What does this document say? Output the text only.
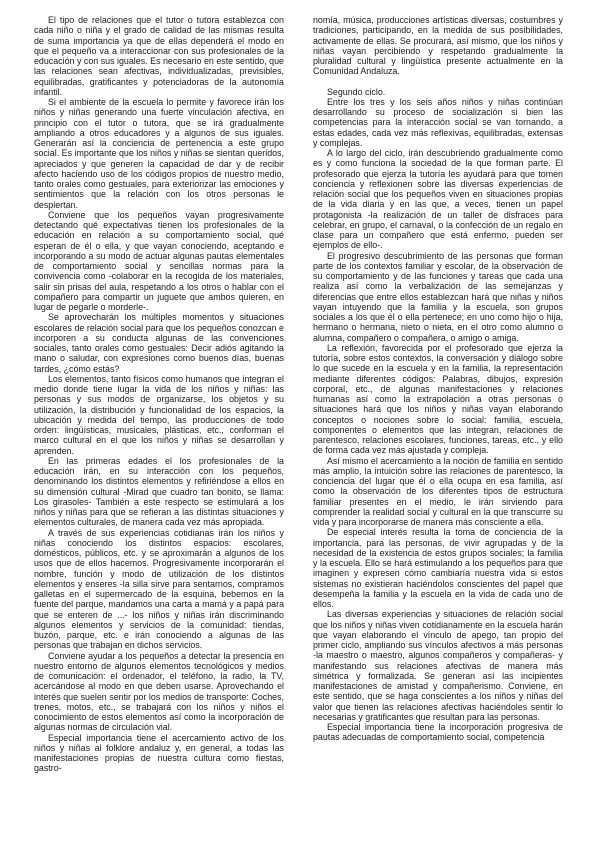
El tipo de relaciones que el tutor o tutora establezca con cada niño o niña y el grado de calidad de las mismas resulta de suma importancia ya que de ellas dependerá el modo en que el pequeño va a interaccionar con sus profesionales de la educación y con sus iguales. Es necesario en este sentido, que las relaciones sean afectivas, individualizadas, previsibles, equilibradas, gratificantes y potenciadoras de la autonomía infantil.

Si el ambiente de la escuela lo permite y favorece irán los niños y niñas generando una fuerte vinculación afectiva, en principio con el tutor o tutora, que se irá gradualmente ampliando a otros educadores y a algunos de sus iguales. Generarán así la conciencia de pertenencia a este grupo social. Es importante que los niños y niñas se sientan queridos, apreciados y que generen la capacidad de dar y de recibir afecto haciendo uso de los códigos propios de nuestro medio, tanto orales como gestuales, para exteriorizar las emociones y sentimientos que la relación con los otros personas le despiertan.

Conviene que los pequeños vayan progresivamente detectando qué expectativas tienen los profesionales de la educación en relación a su comportamiento social, qué esperan de él o ella, y que vayan conociendo, aceptando e incorporando a su modo de actuar algunas pautas elementales de comportamiento social y sencillas normas para la convivencia como -colaborar en la recogida de los materiales, salir sin prisas del aula, respetando a los otros o hablar con el compañero para compartir un juguete que ambos quieren, en lugar de pegarle o morderle-.

Se aprovecharán los múltiples momentos y situaciones escolares de relación social para que los pequeños conozcan e incorporen a su conducta algunas de las convenciones sociales, tanto orales como gestuales: Decir adiós agitando la mano o saludar, con expresiones como buenos días, buenas tardes, ¿cómo estás?

Los elementos, tanto físicos como humanos que integran el medio donde tiene lugar la vida de los niños y niñas: las personas y sus modos de organizarse, los objetos y su utilización, la distribución y funcionalidad de los espacios, la ubicación y medida del tiempo, las producciones de todo orden: lingüísticas, musicales, plásticas, etc., conforman el marco cultural en el que los niños y niñas se desarrollan y aprenden.

En las primeras edades el los profesionales de la educación irán, en su interacción con los pequeños, denominando los distintos elementos y refiriéndose a ellos en su dimensión cultural -Mirad que cuadro tan bonito, se llama: Los girasoles- También a este respecto se estimulará a los niños y niñas para que se refieran a las distintas situaciones y elementos culturales, de manera cada vez más apropiada.

A través de sus experiencias cotidianas irán los niños y niñas conociendo los distintos espacios: escolares, domésticos, públicos, etc. y se aproximarán a algunos de los usos que de ellos hacemos. Progresivamente incorporarán el nombre, función y modo de utilización de los distintos elementos y enseres -la silla sirve para sentarnos, compramos galletas en el supermercado de la esquina, bebemos en la fuente del parque, mandamos una carta a mamá y a papá para que se enteren de ...- los niños y niñas irán discriminando algunos elementos y servicios de la comunidad: tiendas, buzón, parque, etc. e irán conociendo a algunas de las personas que trabajan en dichos servicios.

Conviene ayudar a los pequeños a detectar la presencia en nuestro entorno de algunos elementos tecnológicos y medios de comunicación: el ordenador, el teléfono, la radio, la TV, acercándose al modo en que deben usarse. Aprovechando el interés que suelen sentir por los medios de transporte: Coches, trenes, motos, etc., se trabajará con los niños y niños el conocimiento de estos elementos así como la incorporación de algunas normas de circulación vial.

Especial importancia tiene el acercamiento activo de los niños y niñas al folklore andaluz y, en general, a todas las manifestaciones propias de nuestra cultura como fiestas, gastro-

nomía, música, producciones artísticas diversas, costumbres y tradiciones, participando, en la medida de sus posibilidades, activamente de ellas. Se procurará, así mismo, que los niños y niñas vayan percibiendo y respetando gradualmente la pluralidad cultural y lingüística presente actualmente en la Comunidad Andaluza.

Segundo ciclo.

Entre los tres y los seis años niños y niñas continúan desarrollando su proceso de socialización si bien las competencias para la interacción social se van tornando, a estas edades, cada vez más reflexivas, equilibradas, extensas y complejas.

A lo largo del ciclo, irán descubriendo gradualmente como es y como funciona la sociedad de la que forman parte. El profesorado que ejerza la tutoría les ayudará para que tomen conciencia y reflexionen sobre las diversas experiencias de relación social que los pequeños viven en situaciones propias de la vida diaria y en las que, a veces, tienen un papel protagonista -la realización de un taller de disfraces para celebrar, en grupo, el carnaval, o la confección de un regalo en clase para un compañero que está enfermo, pueden ser ejemplos de ello-.

El progresivo descubrimiento de las personas que forman parte de los contextos familiar y escolar, de la observación de su comportamiento y de las funciones y tareas que cada una realiza así como la verbalización de las semejanzas y diferencias que entre ellos establezcan hará que niñas y niños vayan intuyendo que la familia y la escuela, son grupos sociales a los que él o ella pertenece; en uno como hijo o hija, hermano o hermana, nieto o nieta, en el otro como alumno o alumna, compañero o compañera, o amigo o amiga.

La reflexión, favorecida por el profesorado que ejerza la tutoría, sobre estos contextos, la conversación y diálogo sobre lo que sucede en la escuela y en la familia, la representación mediante diferentes códigos: Palabras, dibujos, expresión corporal, etc., de algunas manifestaciones y relaciones humanas así como la extrapolación a otras personas o situaciones hará que los niños y niñas vayan elaborando conceptos o nociones sobre lo social: familia, escuela, componentes o elementos que las integran, relaciones de parentesco, relaciones escolares, funciones, tareas, etc., y ello de forma cada vez más ajustada y compleja.

Así mismo el acercamiento a la noción de familia en sentido más amplio, la intuición sobre las relaciones de parentesco, la conciencia del lugar que él o ella ocupa en esa familia, así como la observación de los diferentes tipos de estructura familiar presentes en el medio, le irán sirviendo para comprender la realidad social y cultural en la que transcurre su vida y para incorporarse de manera más consciente a ella.

De especial interés resulta la toma de conciencia de la importancia, para las personas, de vivir agrupadas y de la necesidad de la existencia de estos grupos sociales; la familia y la escuela. Ello se hará estimulando a los pequeños para que imaginen y expresen cómo cambiaría nuestra vida si estos sistemas no existieran haciéndolos conscientes del papel que desempeña la familia y la escuela en la vida de cada uno de ellos.

Las diversas experiencias y situaciones de relación social que los niños y niñas viven cotidianamente en la escuela harán que vayan elaborando el vínculo de apego, tan propio del primer ciclo, ampliando sus vínculos afectivos a más personas -la maestro o maestro, algunos compañeros y compañeras- y manifestando sus relaciones afectivas de manera más simétrica y formalizada. Se generan así las incipientes manifestaciones de amistad y compañerismo. Conviene, en este sentido, que se haga conscientes a los niños y niñas del valor que tienen las relaciones afectivas haciéndoles sentir lo necesarias y gratificantes que resultan para las personas.

Especial importancia tiene la incorporación progresiva de pautas adecuadas de comportamiento social, competencia
